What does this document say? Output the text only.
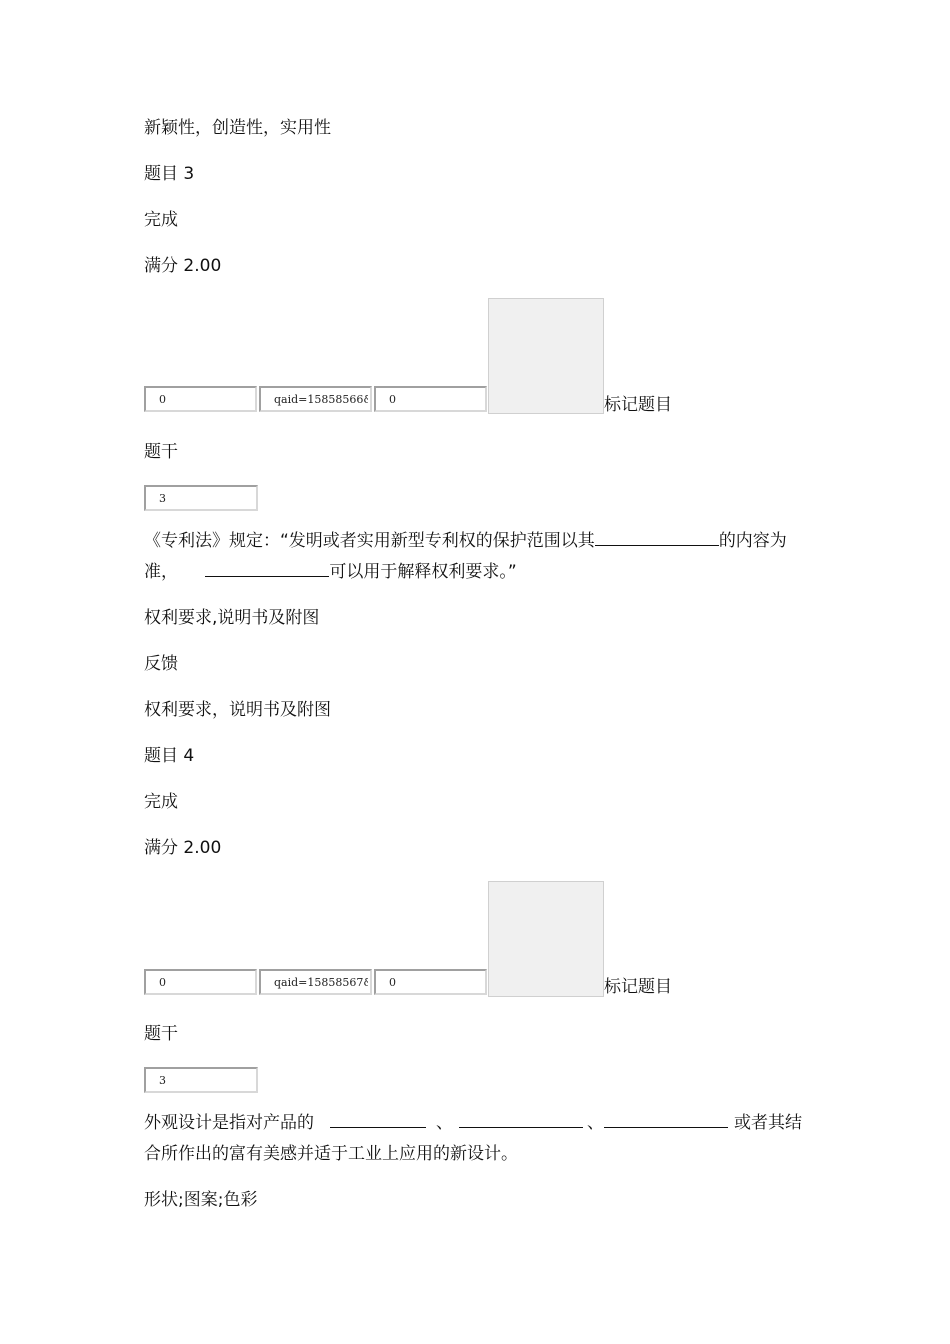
新颖性，创造性，实用性
题目 3
完成
满分 2.00
0
qaid=15858566&
0
标记题目
题干
3
《专利法》规定：“发明或者实用新型专利权的保护范围以其	的内容为准，	可以用于解释权利要求。”
权利要求,说明书及附图
反馈
权利要求，说明书及附图
题目 4
完成
满分 2.00
0
qaid=15858567&
0
标记题目
题干
3
外观设计是指对产品的	、	、	或者其结合所作出的富有美感并适于工业上应用的新设计。
形状;图案;色彩
